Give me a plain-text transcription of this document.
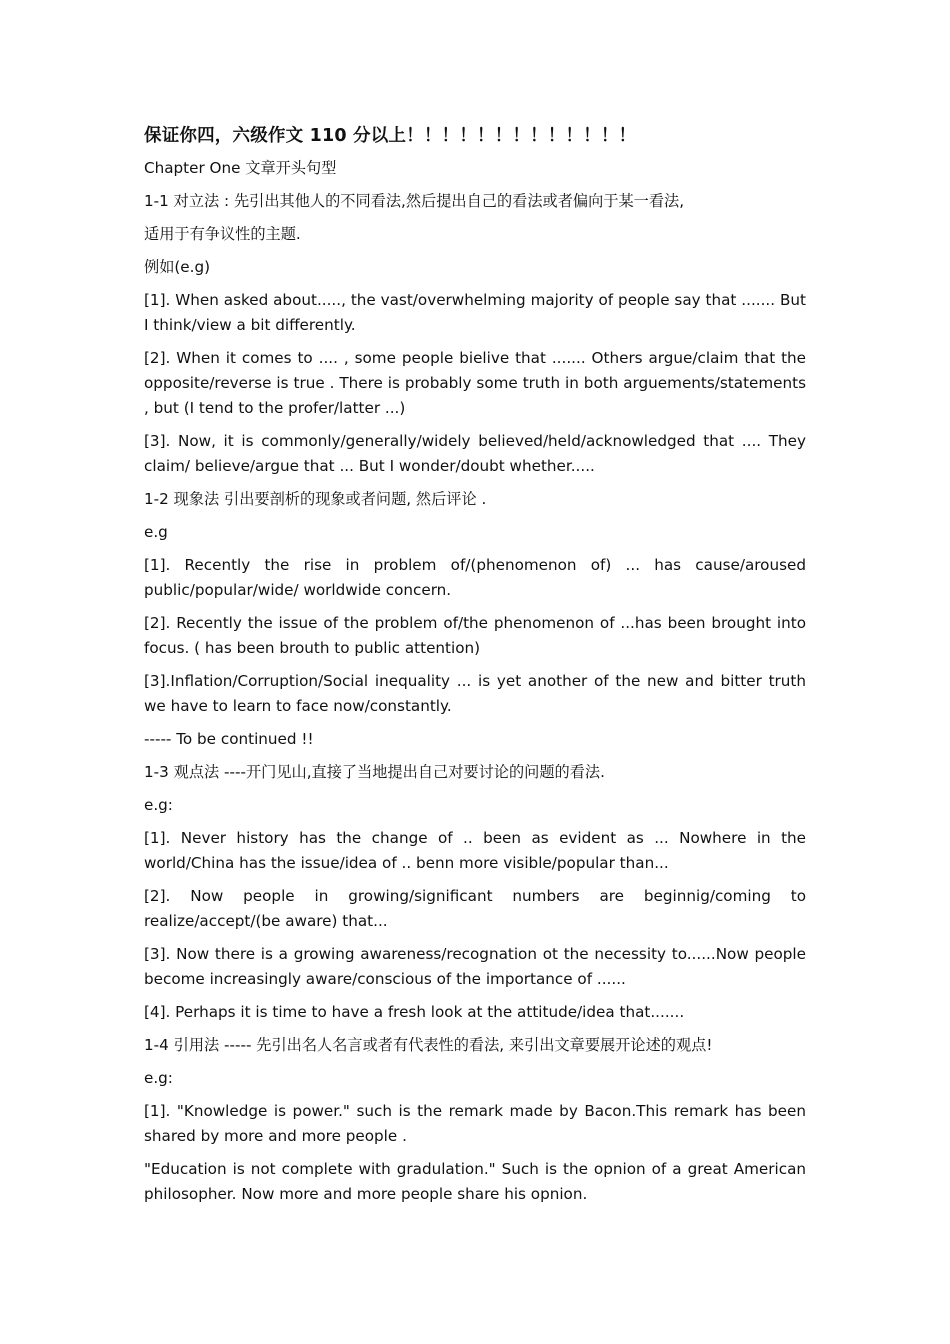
保证你四，六级作文 110 分以上！！！！！！！！！！！！！
Chapter One 文章开头句型
1-1 对立法 : 先引出其他人的不同看法,然后提出自己的看法或者偏向于某一看法,
适用于有争议性的主题.
例如(e.g)
[1]. When asked about....., the vast/overwhelming majority of people say that ....... But I think/view a bit differently.
[2]. When it comes to .... , some people bielive that ....... Others argue/claim that the opposite/reverse is true . There is probably some truth in both arguements/statements , but (I tend to the profer/latter ...)
[3]. Now, it is commonly/generally/widely believed/held/acknowledged that .... They claim/ believe/argue that ... But I wonder/doubt whether.....
1-2 现象法 引出要剖析的现象或者问题, 然后评论 .
e.g
[1]. Recently the rise in problem of/(phenomenon of) ... has cause/aroused public/popular/wide/ worldwide concern.
[2]. Recently the issue of the problem of/the phenomenon of ...has been brought into focus. ( has been brouth to public attention)
[3].Inflation/Corruption/Social inequality ... is yet another of the new and bitter truth we have to learn to face now/constantly.
----- To be continued !!
1-3 观点法 ----开门见山,直接了当地提出自己对要讨论的问题的看法.
e.g:
[1]. Never history has the change of .. been as evident as ... Nowhere in the world/China has the issue/idea of .. benn more visible/popular than...
[2]. Now people in growing/significant numbers are beginnig/coming to realize/accept/(be aware) that...
[3]. Now there is a growing awareness/recognation ot the necessity to......Now people become increasingly aware/conscious of the importance of ......
[4]. Perhaps it is time to have a fresh look at the attitude/idea that.......
1-4 引用法 ----- 先引出名人名言或者有代表性的看法, 来引出文章要展开论述的观点!
e.g:
[1]. "Knowledge is power." such is the remark made by Bacon.This remark has been shared by more and more people .
"Education is not complete with gradulation." Such is the opnion of a great American philosopher. Now more and more people share his opnion.
